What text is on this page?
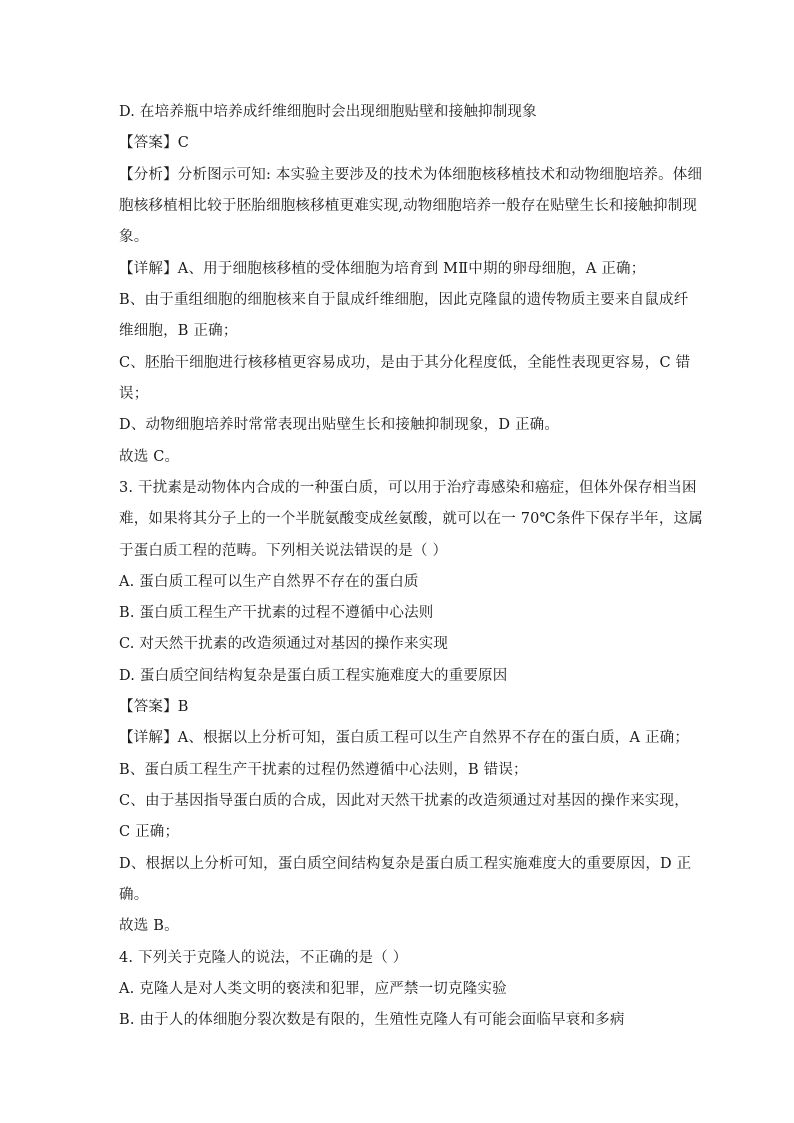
D. 在培养瓶中培养成纤维细胞时会出现细胞贴壁和接触抑制现象
【答案】C
【分析】分析图示可知: 本实验主要涉及的技术为体细胞核移植技术和动物细胞培养。体细
胞核移植相比较于胚胎细胞核移植更难实现,动物细胞培养一般存在贴壁生长和接触抑制现
象。
【详解】A、用于细胞核移植的受体细胞为培育到 MⅡ中期的卵母细胞，A 正确；
B、由于重组细胞的细胞核来自于鼠成纤维细胞，因此克隆鼠的遗传物质主要来自鼠成纤
维细胞，B 正确；
C、胚胎干细胞进行核移植更容易成功，是由于其分化程度低，全能性表现更容易，C 错
误；
D、动物细胞培养时常常表现出贴壁生长和接触抑制现象，D 正确。
故选 C。
3. 干扰素是动物体内合成的一种蛋白质，可以用于治疗毒感染和癌症，但体外保存相当困
难，如果将其分子上的一个半胱氨酸变成丝氨酸，就可以在一 70℃条件下保存半年，这属
于蛋白质工程的范畴。下列相关说法错误的是（ ）
A. 蛋白质工程可以生产自然界不存在的蛋白质
B. 蛋白质工程生产干扰素的过程不遵循中心法则
C. 对天然干扰素的改造须通过对基因的操作来实现
D. 蛋白质空间结构复杂是蛋白质工程实施难度大的重要原因
【答案】B
【详解】A、根据以上分析可知，蛋白质工程可以生产自然界不存在的蛋白质，A 正确；
B、蛋白质工程生产干扰素的过程仍然遵循中心法则，B 错误；
C、由于基因指导蛋白质的合成，因此对天然干扰素的改造须通过对基因的操作来实现，
C 正确；
D、根据以上分析可知，蛋白质空间结构复杂是蛋白质工程实施难度大的重要原因，D 正
确。
故选 B。
4. 下列关于克隆人的说法，不正确的是（ ）
A. 克隆人是对人类文明的亵渎和犯罪，应严禁一切克隆实验
B. 由于人的体细胞分裂次数是有限的，生殖性克隆人有可能会面临早衰和多病
